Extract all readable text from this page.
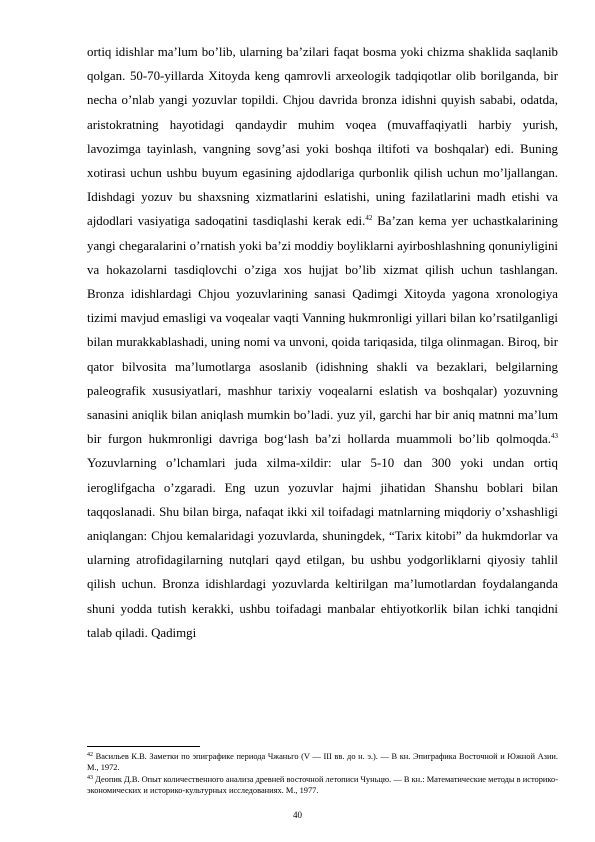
ortiq idishlar ma’lum bo’lib, ularning ba’zilari faqat bosma yoki chizma shaklida saqlanib qolgan. 50-70-yillarda Xitoyda keng qamrovli arxeologik tadqiqotlar olib borilganda, bir necha o’nlab yangi yozuvlar topildi. Chjou davrida bronza idishni quyish sababi, odatda, aristokratning hayotidagi qandaydir muhim voqea (muvaffaqiyatli harbiy yurish, lavozimga tayinlash, vangning sovg’asi yoki boshqa iltifoti va boshqalar) edi. Buning xotirasi uchun ushbu buyum egasining ajdodlariga qurbonlik qilish uchun mo’ljallangan. Idishdagi yozuv bu shaxsning xizmatlarini eslatishi, uning fazilatlarini madh etishi va ajdodlari vasiyatiga sadoqatini tasdiqlashi kerak edi.$^{42}$ Ba’zan kema yer uchastkalarining yangi chegaralarini o’rnatish yoki ba’zi moddiy boyliklarni ayirboshlashning qonuniyligini va hokazolarni tasdiqlovchi o’ziga xos hujjat bo’lib xizmat qilish uchun tashlangan. Bronza idishlardagi Chjou yozuvlarining sanasi Qadimgi Xitoyda yagona xronologiya tizimi mavjud emasligi va voqealar vaqti Vanning hukmronligi yillari bilan ko’rsatilganligi bilan murakkablashadi, uning nomi va unvoni, qoida tariqasida, tilga olinmagan. Biroq, bir qator bilvosita ma’lumotlarga asoslanib (idishning shakli va bezaklari, belgilarning paleografik xususiyatlari, mashhur tarixiy voqealarni eslatish va boshqalar) yozuvning sanasini aniqlik bilan aniqlash mumkin bo’ladi. yuz yil, garchi har bir aniq matnni ma’lum bir furgon hukmronligi davriga bog‘lash ba’zi hollarda muammoli bo’lib qolmoqda.$^{43}$ Yozuvlarning o’lchamlari juda xilma-xildir: ular 5-10 dan 300 yoki undan ortiq ieroglifgacha o’zgaradi. Eng uzun yozuvlar hajmi jihatidan Shanshu boblari bilan taqqoslanadi. Shu bilan birga, nafaqat ikki xil toifadagi matnlarning miqdoriy o’xshashligi aniqlangan: Chjou kemalaridagi yozuvlarda, shuningdek, “Tarix kitobi” da hukmdorlar va ularning atrofidagilarning nutqlari qayd etilgan, bu ushbu yodgorliklarni qiyosiy tahlil qilish uchun. Bronza idishlardagi yozuvlarda keltirilgan ma’lumotlardan foydalanganda shuni yodda tutish kerakki, ushbu toifadagi manbalar ehtiyotkorlik bilan ichki tanqidni talab qiladi. Qadimgi

$^{42}$ Васильев К.В. Заметки по эпиграфике периода Чжаньго (V — III вв. до н. э.). — В кн. Эпиграфика Восточной и Южной Азии. М., 1972.

$^{43}$ Деопик Д.В. Опыт количественного анализа древней восточной летописи Чуньцю. — В кн.: Математические методы в историко-экономических и историко-культурных исследованиях. М., 1977.

40
